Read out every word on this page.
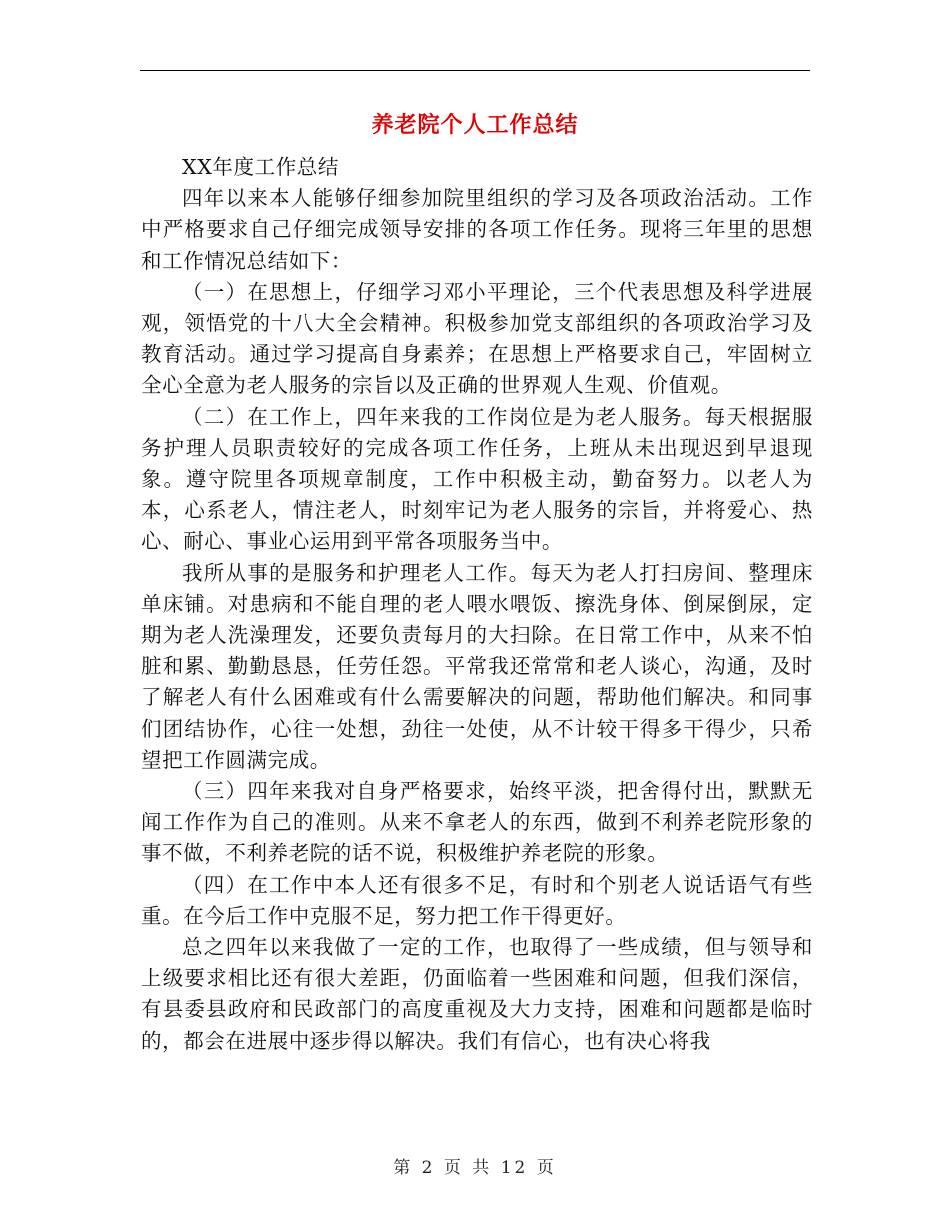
养老院个人工作总结

XX年度工作总结

四年以来本人能够仔细参加院里组织的学习及各项政治活动。工作中严格要求自己仔细完成领导安排的各项工作任务。现将三年里的思想和工作情况总结如下：

（一）在思想上，仔细学习邓小平理论，三个代表思想及科学进展观，领悟党的十八大全会精神。积极参加党支部组织的各项政治学习及教育活动。通过学习提高自身素养；在思想上严格要求自己，牢固树立全心全意为老人服务的宗旨以及正确的世界观人生观、价值观。

（二）在工作上，四年来我的工作岗位是为老人服务。每天根据服务护理人员职责较好的完成各项工作任务，上班从未出现迟到早退现象。遵守院里各项规章制度，工作中积极主动，勤奋努力。以老人为本，心系老人，情注老人，时刻牢记为老人服务的宗旨，并将爱心、热心、耐心、事业心运用到平常各项服务当中。

我所从事的是服务和护理老人工作。每天为老人打扫房间、整理床单床铺。对患病和不能自理的老人喂水喂饭、擦洗身体、倒屎倒尿，定期为老人洗澡理发，还要负责每月的大扫除。在日常工作中，从来不怕脏和累、勤勤恳恳，任劳任怨。平常我还常常和老人谈心，沟通，及时了解老人有什么困难或有什么需要解决的问题，帮助他们解决。和同事们团结协作，心往一处想，劲往一处使，从不计较干得多干得少，只希望把工作圆满完成。

（三）四年来我对自身严格要求，始终平淡，把舍得付出，默默无闻工作作为自己的准则。从来不拿老人的东西，做到不利养老院形象的事不做，不利养老院的话不说，积极维护养老院的形象。

（四）在工作中本人还有很多不足，有时和个别老人说话语气有些重。在今后工作中克服不足，努力把工作干得更好。

总之四年以来我做了一定的工作，也取得了一些成绩，但与领导和上级要求相比还有很大差距，仍面临着一些困难和问题，但我们深信，有县委县政府和民政部门的高度重视及大力支持，困难和问题都是临时的，都会在进展中逐步得以解决。我们有信心，也有决心将我

第 2 页 共 12 页
